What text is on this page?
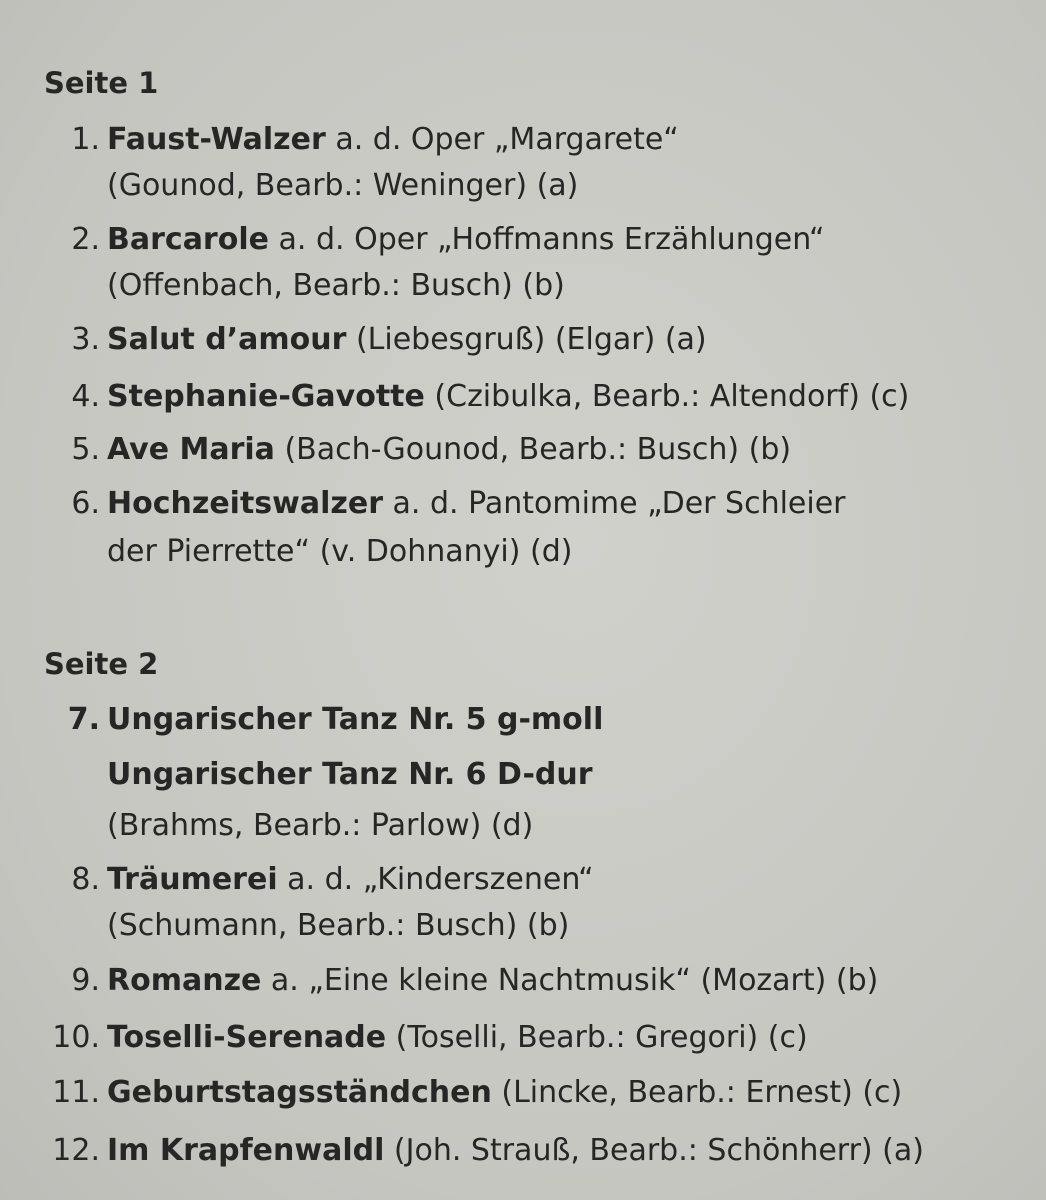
Seite 1
1. Faust-Walzer a. d. Oper „Margarete“
(Gounod, Bearb.: Weninger) (a)
2. Barcarole a. d. Oper „Hoffmanns Erzählungen“
(Offenbach, Bearb.: Busch) (b)
3. Salut d’amour (Liebesgruß) (Elgar) (a)
4. Stephanie-Gavotte (Czibulka, Bearb.: Altendorf) (c)
5. Ave Maria (Bach-Gounod, Bearb.: Busch) (b)
6. Hochzeitswalzer a. d. Pantomime „Der Schleier
der Pierrette“ (v. Dohnanyi) (d)
Seite 2
7. Ungarischer Tanz Nr. 5 g-moll
Ungarischer Tanz Nr. 6 D-dur
(Brahms, Bearb.: Parlow) (d)
8. Träumerei a. d. „Kinderszenen“
(Schumann, Bearb.: Busch) (b)
9. Romanze a. „Eine kleine Nachtmusik“ (Mozart) (b)
10. Toselli-Serenade (Toselli, Bearb.: Gregori) (c)
11. Geburtstagsständchen (Lincke, Bearb.: Ernest) (c)
12. Im Krapfenwaldl (Joh. Strauß, Bearb.: Schönherr) (a)
